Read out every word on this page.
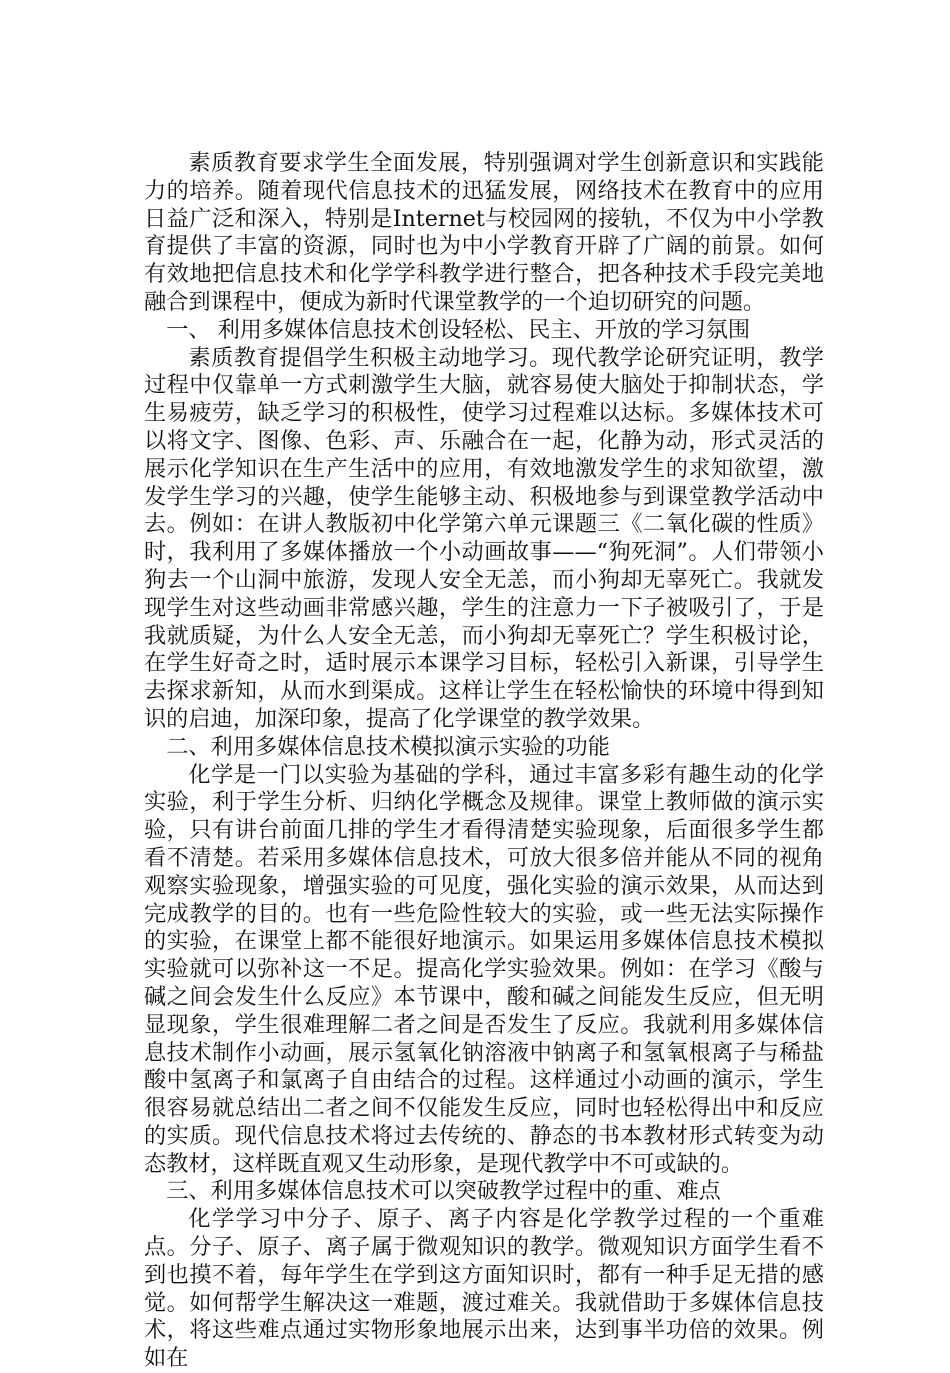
素质教育要求学生全面发展，特别强调对学生创新意识和实践能力的培养。随着现代信息技术的迅猛发展，网络技术在教育中的应用日益广泛和深入，特别是Internet与校园网的接轨，不仅为中小学教育提供了丰富的资源，同时也为中小学教育开辟了广阔的前景。如何有效地把信息技术和化学学科教学进行整合，把各种技术手段完美地融合到课程中，便成为新时代课堂教学的一个迫切研究的问题。

一、 利用多媒体信息技术创设轻松、民主、开放的学习氛围

素质教育提倡学生积极主动地学习。现代教学论研究证明，教学过程中仅靠单一方式刺激学生大脑，就容易使大脑处于抑制状态，学生易疲劳，缺乏学习的积极性，使学习过程难以达标。多媒体技术可以将文字、图像、色彩、声、乐融合在一起，化静为动，形式灵活的展示化学知识在生产生活中的应用，有效地激发学生的求知欲望，激发学生学习的兴趣，使学生能够主动、积极地参与到课堂教学活动中去。例如：在讲人教版初中化学第六单元课题三《二氧化碳的性质》时，我利用了多媒体播放一个小动画故事——“狗死洞”。人们带领小狗去一个山洞中旅游，发现人安全无恙，而小狗却无辜死亡。我就发现学生对这些动画非常感兴趣，学生的注意力一下子被吸引了，于是我就质疑，为什么人安全无恙，而小狗却无辜死亡？学生积极讨论，在学生好奇之时，适时展示本课学习目标，轻松引入新课，引导学生去探求新知，从而水到渠成。这样让学生在轻松愉快的环境中得到知识的启迪，加深印象，提高了化学课堂的教学效果。

二、利用多媒体信息技术模拟演示实验的功能

化学是一门以实验为基础的学科，通过丰富多彩有趣生动的化学实验，利于学生分析、归纳化学概念及规律。课堂上教师做的演示实验，只有讲台前面几排的学生才看得清楚实验现象，后面很多学生都看不清楚。若采用多媒体信息技术，可放大很多倍并能从不同的视角观察实验现象，增强实验的可见度，强化实验的演示效果，从而达到完成教学的目的。也有一些危险性较大的实验，或一些无法实际操作的实验，在课堂上都不能很好地演示。如果运用多媒体信息技术模拟实验就可以弥补这一不足。提高化学实验效果。例如：在学习《酸与碱之间会发生什么反应》本节课中，酸和碱之间能发生反应，但无明显现象，学生很难理解二者之间是否发生了反应。我就利用多媒体信息技术制作小动画，展示氢氧化钠溶液中钠离子和氢氧根离子与稀盐酸中氢离子和氯离子自由结合的过程。这样通过小动画的演示，学生很容易就总结出二者之间不仅能发生反应，同时也轻松得出中和反应的实质。现代信息技术将过去传统的、静态的书本教材形式转变为动态教材，这样既直观又生动形象，是现代教学中不可或缺的。

三、利用多媒体信息技术可以突破教学过程中的重、难点

化学学习中分子、原子、离子内容是化学教学过程的一个重难点。分子、原子、离子属于微观知识的教学。微观知识方面学生看不到也摸不着，每年学生在学到这方面知识时，都有一种手足无措的感觉。如何帮学生解决这一难题，渡过难关。我就借助于多媒体信息技术，将这些难点通过实物形象地展示出来，达到事半功倍的效果。例如在
